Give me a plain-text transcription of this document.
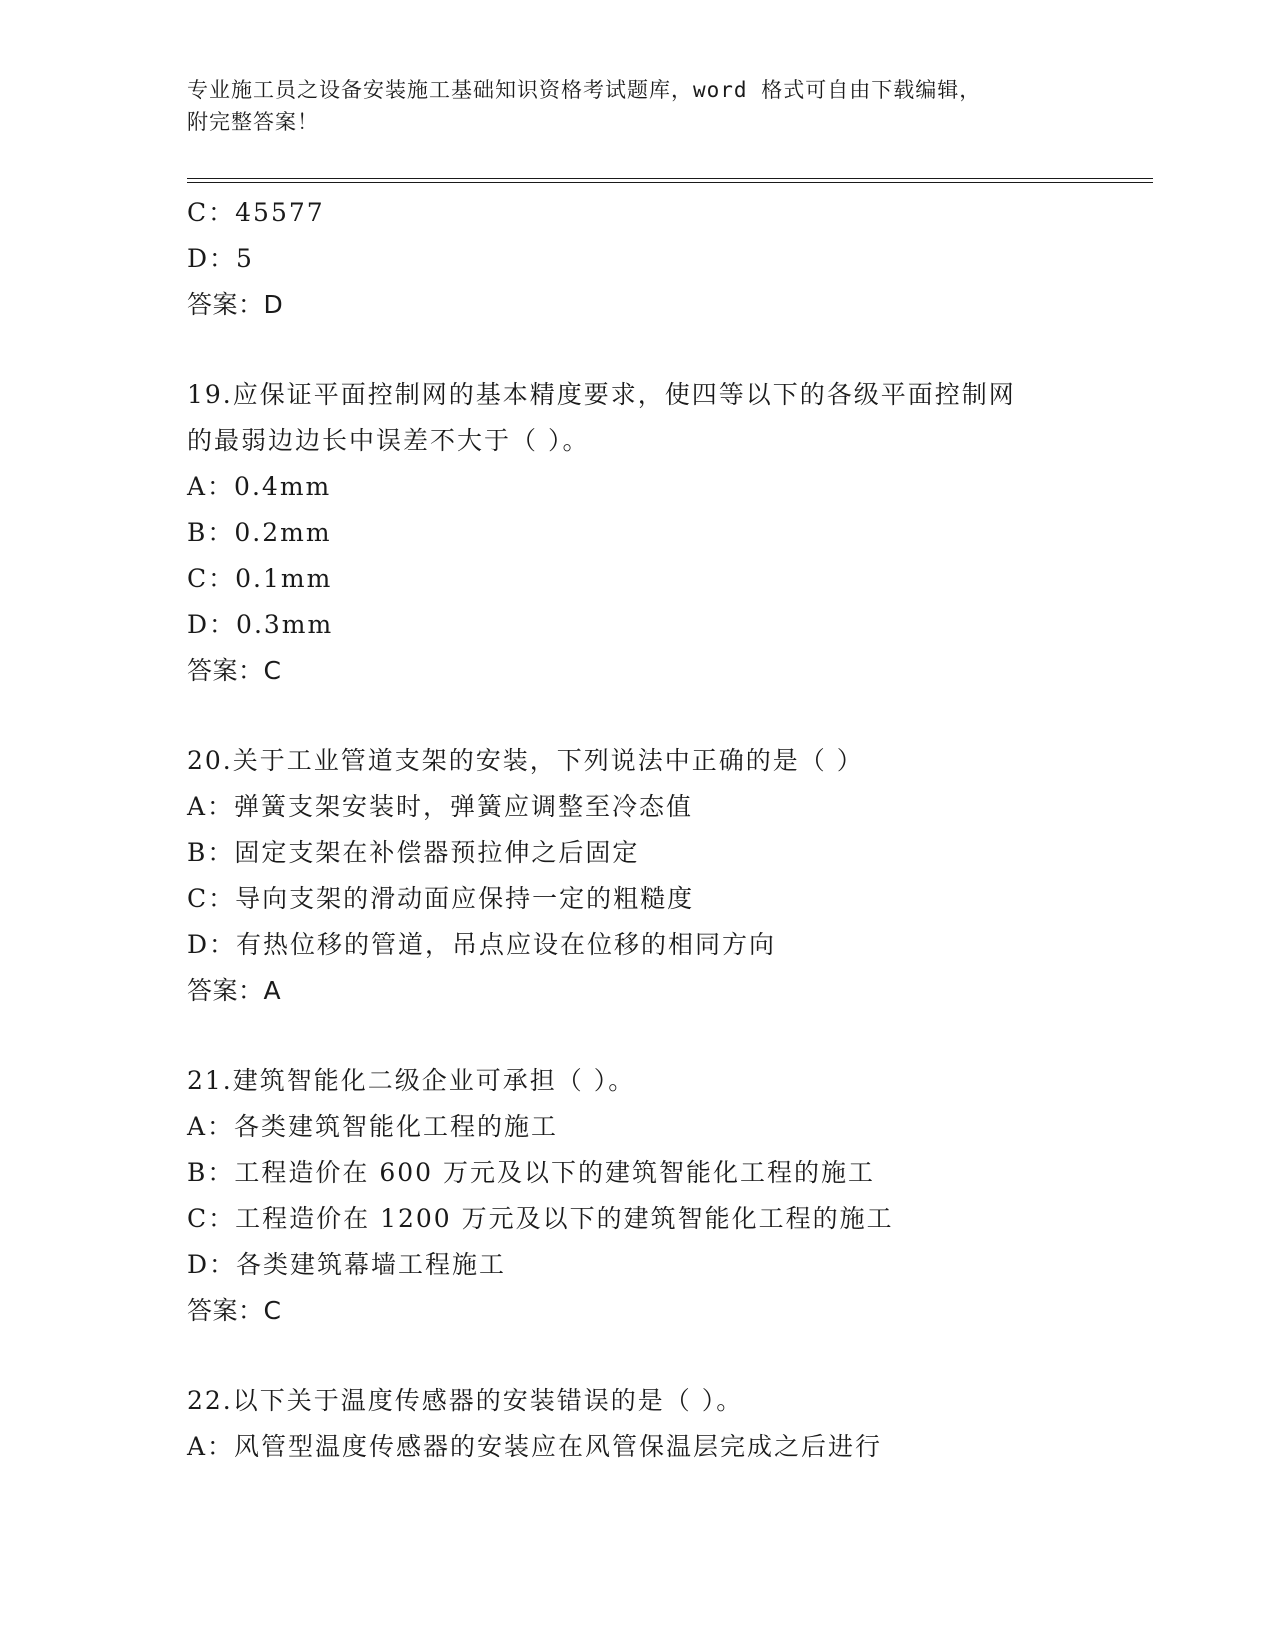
专业施工员之设备安装施工基础知识资格考试题库，word 格式可自由下载编辑，
附完整答案！
C：45577
D：5
答案：D
19.应保证平面控制网的基本精度要求，使四等以下的各级平面控制网
的最弱边边长中误差不大于（ ）。
A：0.4mm
B：0.2mm
C：0.1mm
D：0.3mm
答案：C
20.关于工业管道支架的安装，下列说法中正确的是（ ）
A：弹簧支架安装时，弹簧应调整至冷态值
B：固定支架在补偿器预拉伸之后固定
C：导向支架的滑动面应保持一定的粗糙度
D：有热位移的管道，吊点应设在位移的相同方向
答案：A
21.建筑智能化二级企业可承担（ ）。
A：各类建筑智能化工程的施工
B：工程造价在 600 万元及以下的建筑智能化工程的施工
C：工程造价在 1200 万元及以下的建筑智能化工程的施工
D：各类建筑幕墙工程施工
答案：C
22.以下关于温度传感器的安装错误的是（ ）。
A：风管型温度传感器的安装应在风管保温层完成之后进行
